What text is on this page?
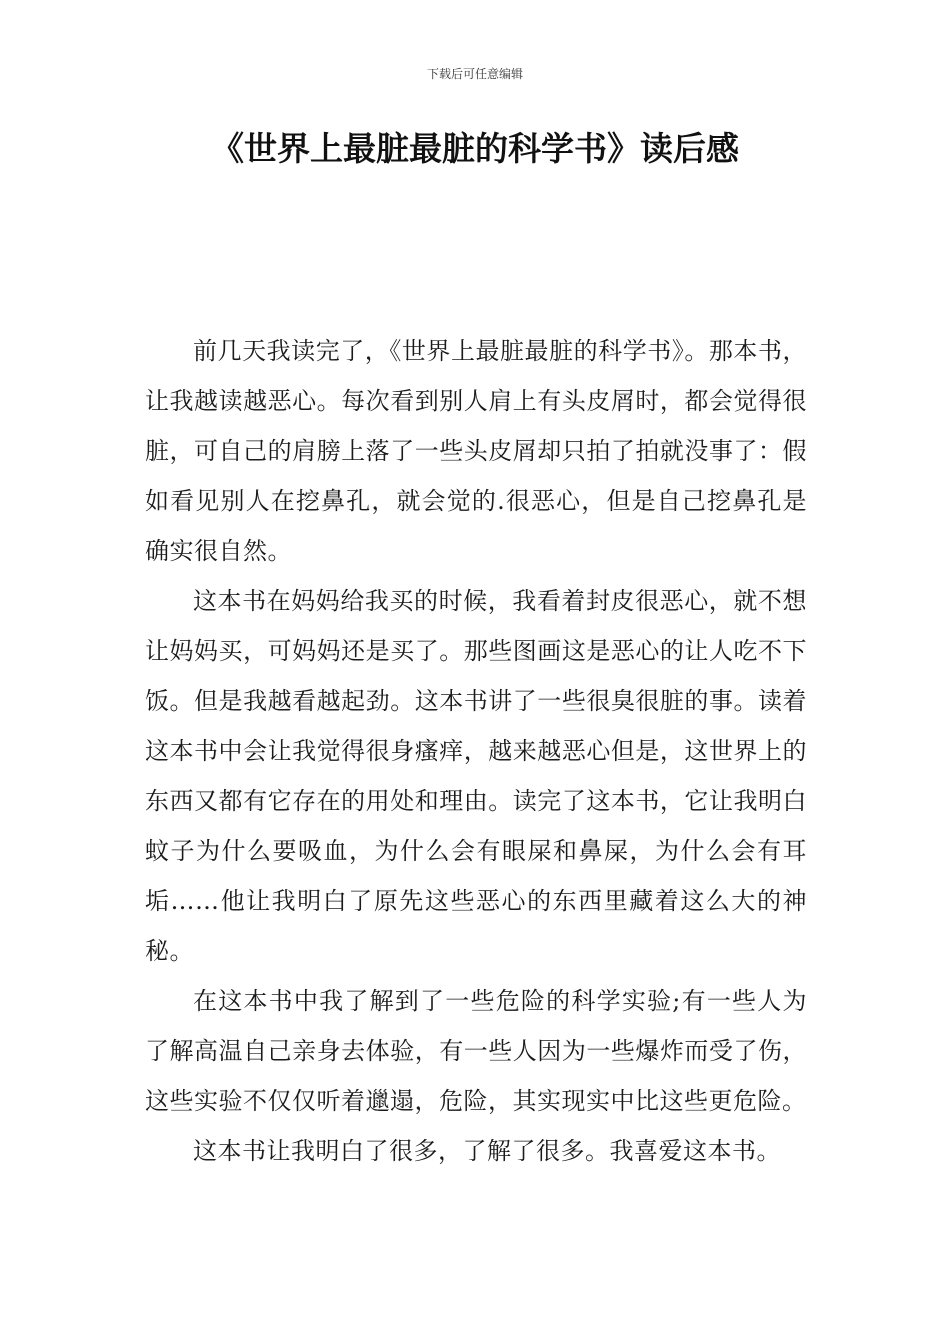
下载后可任意编辑
《世界上最脏最脏的科学书》读后感

前几天我读完了，《世界上最脏最脏的科学书》。那本书，让我越读越恶心。每次看到别人肩上有头皮屑时，都会觉得很脏，可自己的肩膀上落了一些头皮屑却只拍了拍就没事了：假如看见别人在挖鼻孔，就会觉的.很恶心，但是自己挖鼻孔是确实很自然。

这本书在妈妈给我买的时候，我看着封皮很恶心，就不想让妈妈买，可妈妈还是买了。那些图画这是恶心的让人吃不下饭。但是我越看越起劲。这本书讲了一些很臭很脏的事。读着这本书中会让我觉得很身瘙痒，越来越恶心但是，这世界上的东西又都有它存在的用处和理由。读完了这本书，它让我明白蚊子为什么要吸血，为什么会有眼屎和鼻屎，为什么会有耳垢……他让我明白了原先这些恶心的东西里藏着这么大的神秘。

在这本书中我了解到了一些危险的科学实验;有一些人为了解高温自己亲身去体验，有一些人因为一些爆炸而受了伤，这些实验不仅仅听着邋遢，危险，其实现实中比这些更危险。

这本书让我明白了很多，了解了很多。我喜爱这本书。
